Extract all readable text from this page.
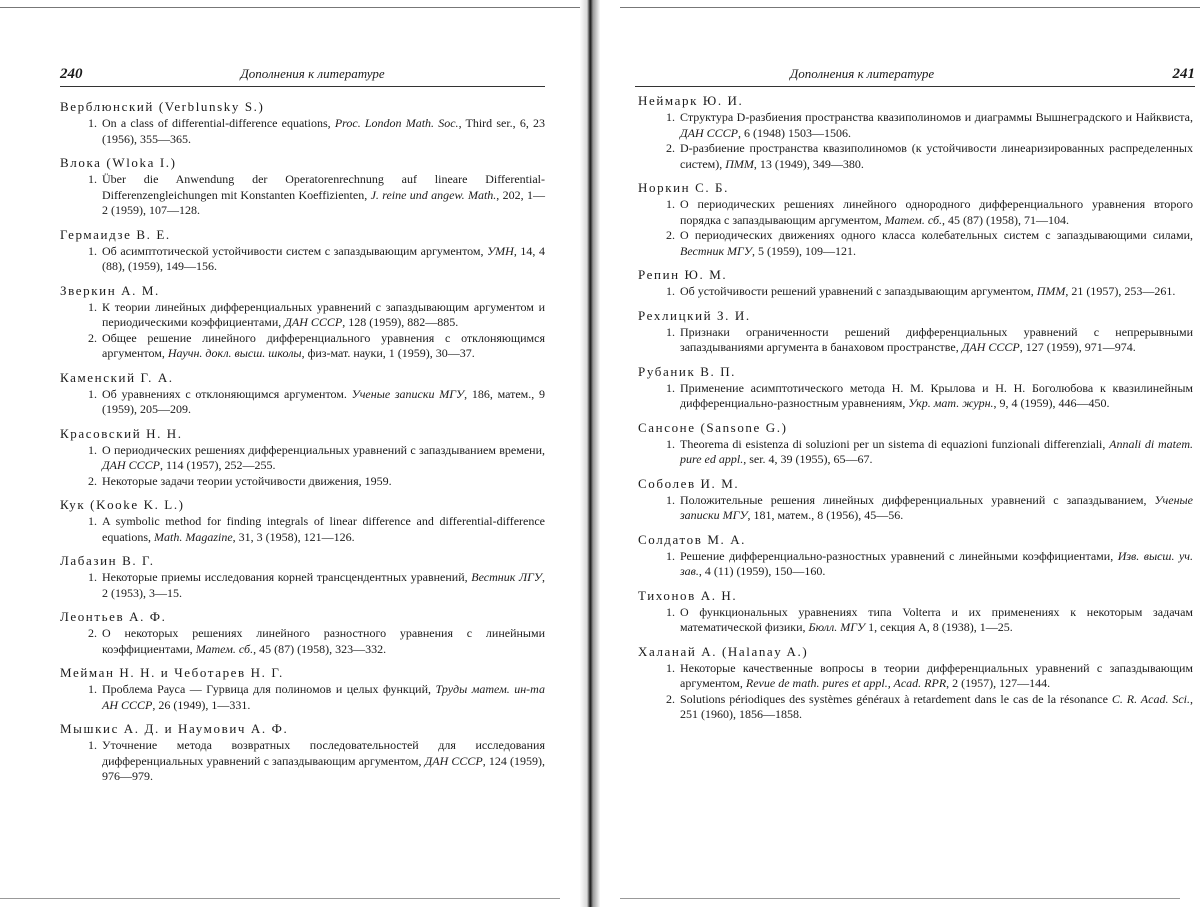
240	Дополнения к литературе
Верблюнский (Verblunsky S.)
1. On a class of differential-difference equations, Proc. London Math. Soc., Third ser., 6, 23 (1956), 355—365.
Влока (Wloka I.)
1. Über die Anwendung der Operatorenrechnung auf lineare Differential-Differenzengleichungen mit Konstanten Koeffizienten, J. reine und angew. Math., 202, 1—2 (1959), 107—128.
Гермаидзе В. Е.
1. Об асимптотической устойчивости систем с запаздывающим аргументом, УМН, 14, 4 (88), (1959), 149—156.
Зверкин А. М.
1. К теории линейных дифференциальных уравнений с запаздывающим аргументом и периодическими коэффициентами, ДАН СССР, 128 (1959), 882—885.
2. Общее решение линейного дифференциального уравнения с отклоняющимся аргументом, Научн. докл. высш. школы, физ-мат. науки, 1 (1959), 30—37.
Каменский Г. А.
1. Об уравнениях с отклоняющимся аргументом. Ученые записки МГУ, 186, матем., 9 (1959), 205—209.
Красовский Н. Н.
1. О периодических решениях дифференциальных уравнений с запаздыванием времени, ДАН СССР, 114 (1957), 252—255.
2. Некоторые задачи теории устойчивости движения, 1959.
Кук (Kooke K. L.)
1. A symbolic method for finding integrals of linear difference and differential-difference equations, Math. Magazine, 31, 3 (1958), 121—126.
Лабазин В. Г.
1. Некоторые приемы исследования корней трансцендентных уравнений, Вестник ЛГУ, 2 (1953), 3—15.
Леонтьев А. Ф.
2. О некоторых решениях линейного разностного уравнения с линейными коэффициентами, Матем. сб., 45 (87) (1958), 323—332.
Мейман Н. Н. и Чеботарев Н. Г.
1. Проблема Рауса — Гурвица для полиномов и целых функций, Труды матем. ин-та АН СССР, 26 (1949), 1—331.
Мышкис А. Д. и Наумович А. Ф.
1. Уточнение метода возвратных последовательностей для исследования дифференциальных уравнений с запаздывающим аргументом, ДАН СССР, 124 (1959), 976—979.
Дополнения к литературе	241
Неймарк Ю. И.
1. Структура D-разбиения пространства квазиполиномов и диаграммы Вышнеградского и Найквиста, ДАН СССР, 6 (1948) 1503—1506.
2. D-разбиение пространства квазиполиномов (к устойчивости линеаризированных распределенных систем), ПММ, 13 (1949), 349—380.
Норкин С. Б.
1. О периодических решениях линейного однородного дифференциального уравнения второго порядка с запаздывающим аргументом, Матем. сб., 45 (87) (1958), 71—104.
2. О периодических движениях одного класса колебательных систем с запаздывающими силами, Вестник МГУ, 5 (1959), 109—121.
Репин Ю. М.
1. Об устойчивости решений уравнений с запаздывающим аргументом, ПММ, 21 (1957), 253—261.
Рехлицкий З. И.
1. Признаки ограниченности решений дифференциальных уравнений с непрерывными запаздываниями аргумента в банаховом пространстве, ДАН СССР, 127 (1959), 971—974.
Рубаник В. П.
1. Применение асимптотического метода Н. М. Крылова и Н. Н. Боголюбова к квазилинейным дифференциально-разностным уравнениям, Укр. мат. журн., 9, 4 (1959), 446—450.
Сансоне (Sansone G.)
1. Theorema di esistenza di soluzioni per un sistema di equazioni funzionali differenziali, Annali di matem. pure ed appl., ser. 4, 39 (1955), 65—67.
Соболев И. М.
1. Положительные решения линейных дифференциальных уравнений с запаздыванием, Ученые записки МГУ, 181, матем., 8 (1956), 45—56.
Солдатов М. А.
1. Решение дифференциально-разностных уравнений с линейными коэффициентами, Изв. высш. уч. зав., 4 (11) (1959), 150—160.
Тихонов А. Н.
1. О функциональных уравнениях типа Volterra и их применениях к некоторым задачам математической физики, Бюлл. МГУ 1, секция А, 8 (1938), 1—25.
Халанай А. (Halanay A.)
1. Некоторые качественные вопросы в теории дифференциальных уравнений с запаздывающим аргументом, Revue de math. pures et appl., Acad. RPR, 2 (1957), 127—144.
2. Solutions périodiques des systèmes généraux à retardement dans le cas de la résonance C. R. Acad. Sci., 251 (1960), 1856—1858.
